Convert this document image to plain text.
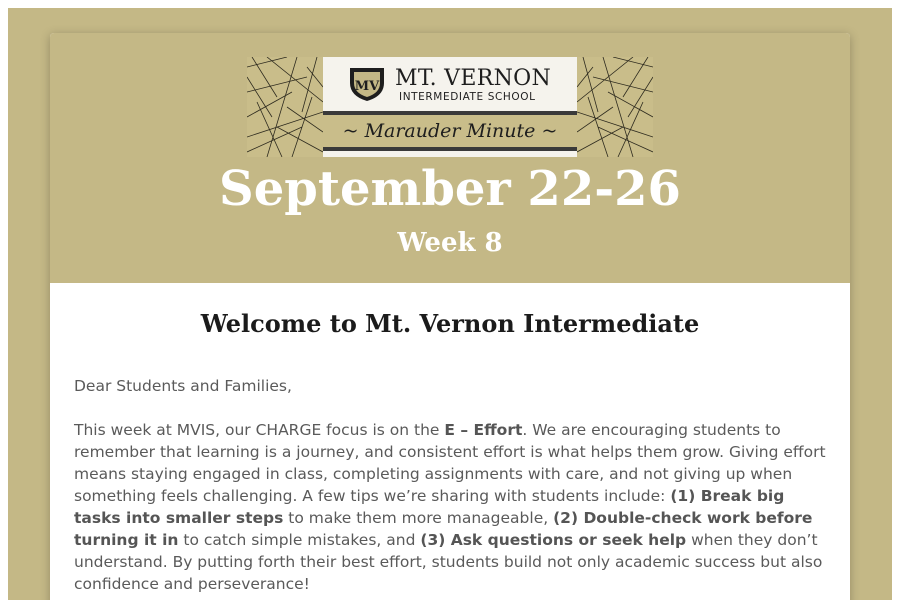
MV MT. VERNON
INTERMEDIATE SCHOOL
~ Marauder Minute ~
September 22-26
Week 8
Welcome to Mt. Vernon Intermediate

Dear Students and Families,

This week at MVIS, our CHARGE focus is on the E – Effort. We are encouraging students to remember that learning is a journey, and consistent effort is what helps them grow. Giving effort means staying engaged in class, completing assignments with care, and not giving up when something feels challenging. A few tips we’re sharing with students include: (1) Break big tasks into smaller steps to make them more manageable, (2) Double-check work before turning it in to catch simple mistakes, and (3) Ask questions or seek help when they don’t understand. By putting forth their best effort, students build not only academic success but also confidence and perseverance!
